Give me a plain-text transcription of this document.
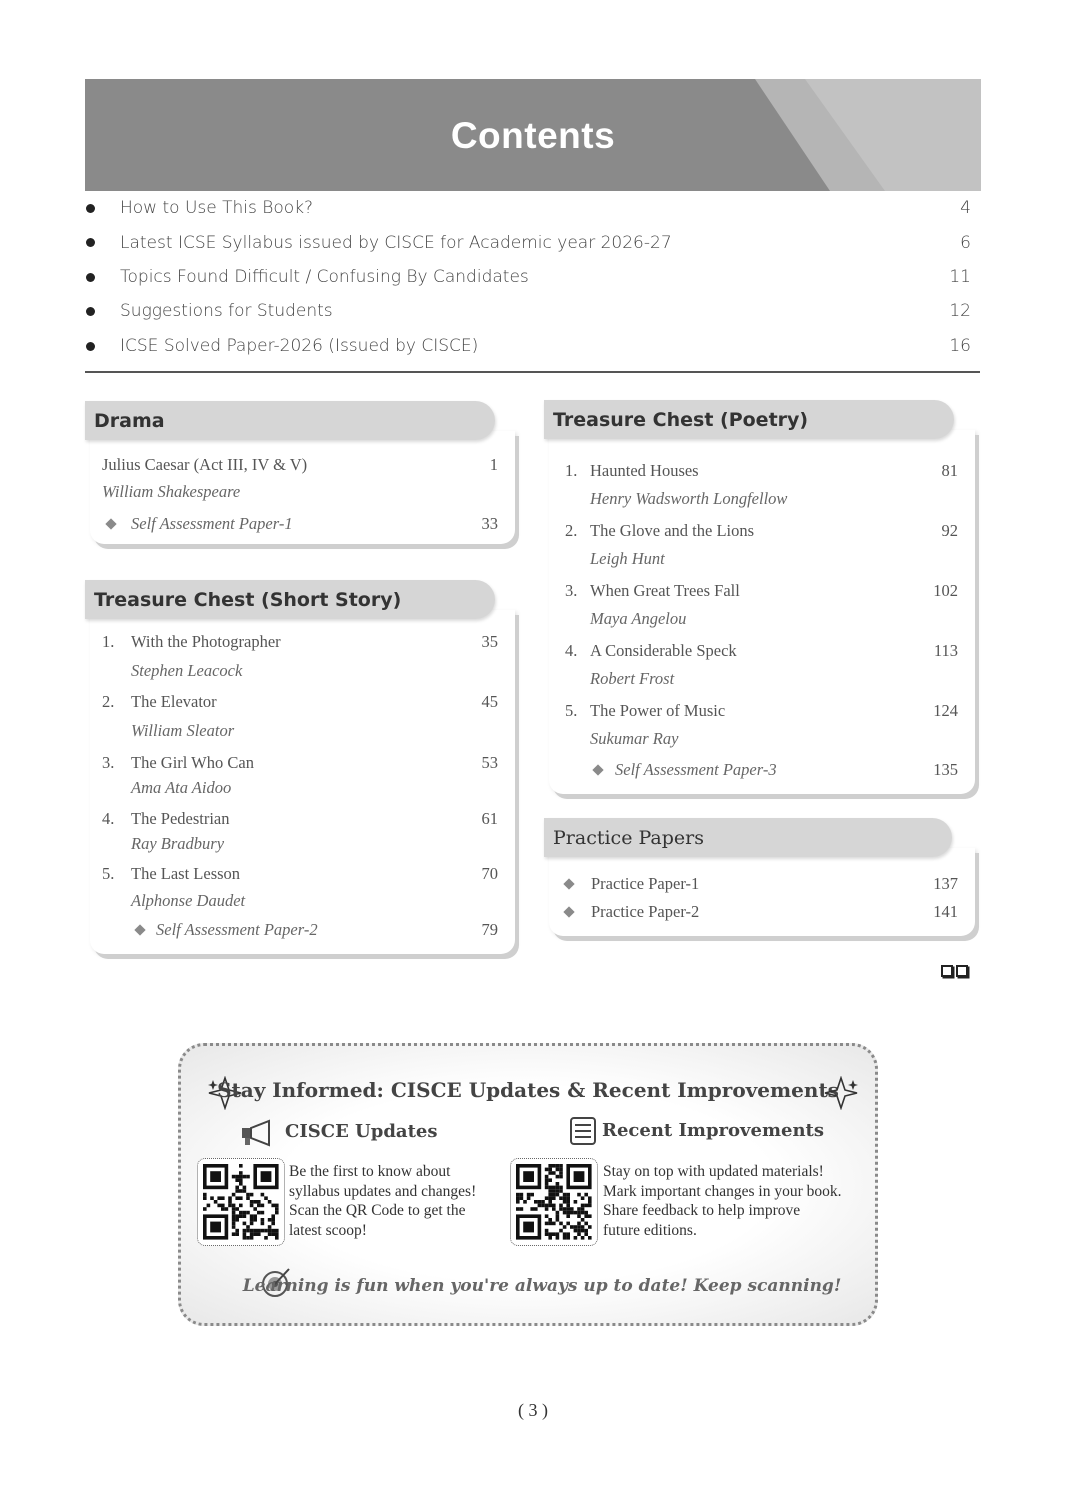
Contents
How to Use This Book?	4
Latest ICSE Syllabus issued by CISCE for Academic year 2026-27	6
Topics Found Difficult / Confusing By Candidates	11
Suggestions for Students	12
ICSE Solved Paper-2026 (Issued by CISCE)	16
Julius Caesar (Act III, IV & V)	1
William Shakespeare
Self Assessment Paper-1	33
Drama
1. With the Photographer	35
Stephen Leacock
2. The Elevator	45
William Sleator
3. The Girl Who Can	53
Ama Ata Aidoo
4. The Pedestrian	61
Ray Bradbury
5. The Last Lesson	70
Alphonse Daudet
Self Assessment Paper-2	79
Treasure Chest (Short Story)
1. Haunted Houses	81
Henry Wadsworth Longfellow
2. The Glove and the Lions	92
Leigh Hunt
3. When Great Trees Fall	102
Maya Angelou
4. A Considerable Speck	113
Robert Frost
5. The Power of Music	124
Sukumar Ray
Self Assessment Paper-3	135
Treasure Chest (Poetry)
Practice Paper-1	137
Practice Paper-2	141
Practice Papers
Stay Informed: CISCE Updates & Recent Improvements
CISCE Updates	Recent Improvements
Be the first to know about
syllabus updates and changes!
Scan the QR Code to get the
latest scoop!
Stay on top with updated materials!
Mark important changes in your book.
Share feedback to help improve
future editions.
Learning is fun when you're always up to date! Keep scanning!
( 3 )
